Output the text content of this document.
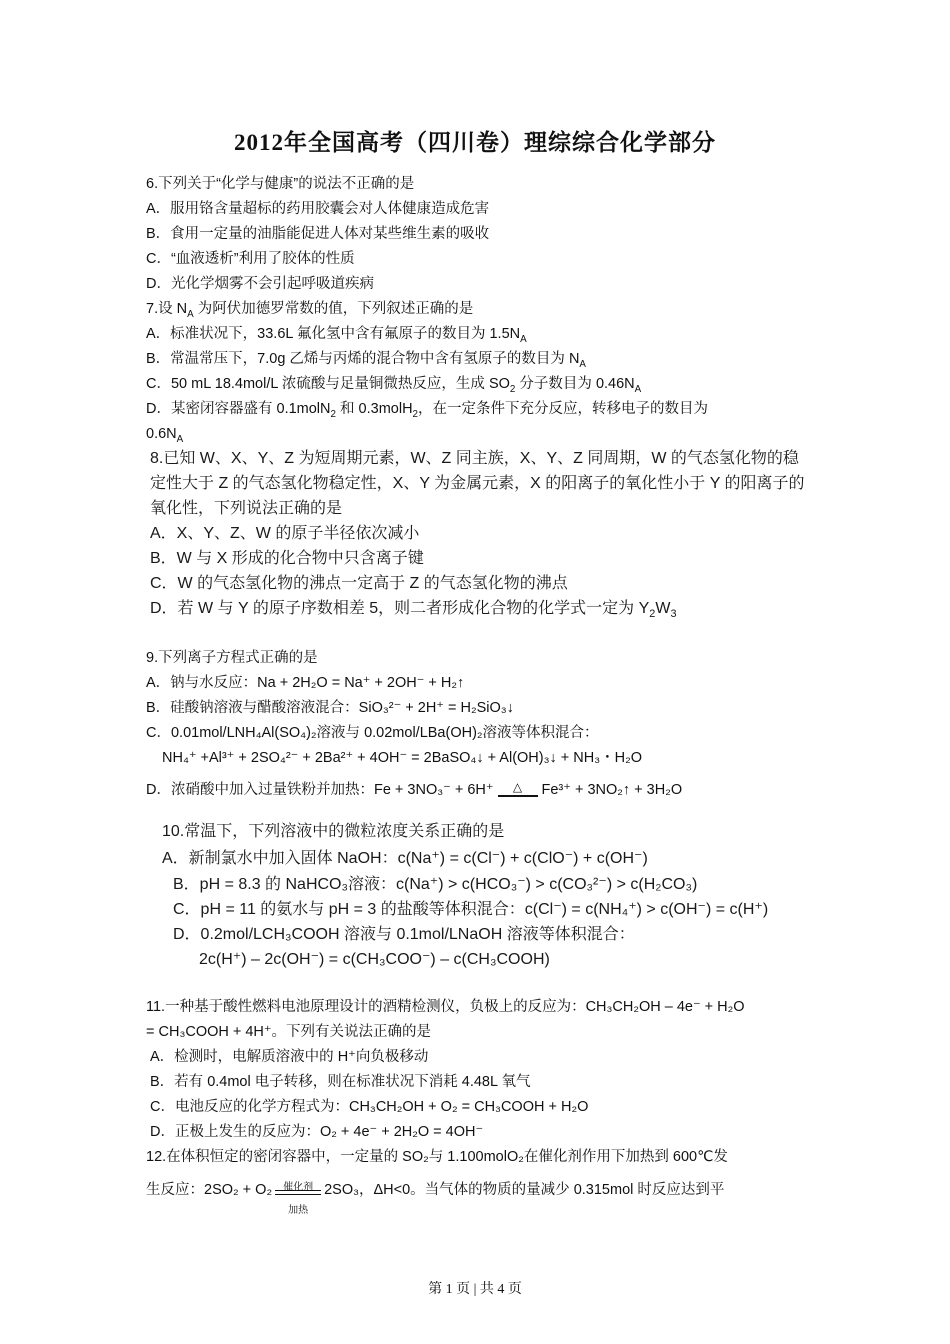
2012年全国高考（四川卷）理综综合化学部分
6.下列关于“化学与健康”的说法不正确的是
A．服用铬含量超标的药用胶囊会对人体健康造成危害
B．食用一定量的油脂能促进人体对某些维生素的吸收
C．“血液透析”利用了胶体的性质
D．光化学烟雾不会引起呼吸道疾病
7.设 $N_A$ 为阿伏加德罗常数的值，下列叙述正确的是
A．标准状况下，33.6L 氟化氢中含有氟原子的数目为 $1.5N_A$
B．常温常压下，7.0g 乙烯与丙烯的混合物中含有氢原子的数目为 $N_A$
C．50 mL 18.4mol/L 浓硫酸与足量铜微热反应，生成 $SO_2$ 分子数目为 $0.46N_A$
D．某密闭容器盛有 0.1molN$_2$ 和 0.3molH$_2$，在一定条件下充分反应，转移电子的数目为
$0.6N_A$
8.已知 W、X、Y、Z 为短周期元素，W、Z 同主族，X、Y、Z 同周期，W 的气态氢化物的稳
定性大于 Z 的气态氢化物稳定性，X、Y 为金属元素，X 的阳离子的氧化性小于 Y 的阳离子的
氧化性，下列说法正确的是
A．X、Y、Z、W 的原子半径依次减小
B．W 与 X 形成的化合物中只含离子键
C．W 的气态氢化物的沸点一定高于 Z 的气态氢化物的沸点
D．若 W 与 Y 的原子序数相差 5，则二者形成化合物的化学式一定为 $Y_2W_3$
9.下列离子方程式正确的是
A．钠与水反应：Na + 2H₂O = Na⁺ + 2OH⁻ + H₂↑
B．硅酸钠溶液与醋酸溶液混合：SiO₃²⁻ + 2H⁺ = H₂SiO₃↓
C．0.01mol/LNH₄Al(SO₄)₂溶液与 0.02mol/LBa(OH)₂溶液等体积混合：
NH₄⁺ +Al³⁺ + 2SO₄²⁻ + 2Ba²⁺ + 4OH⁻ = 2BaSO₄↓ + Al(OH)₃↓ + NH₃・H₂O
D．浓硝酸中加入过量铁粉并加热：Fe + 3NO₃⁻ + 6H⁺	△	Fe³⁺ + 3NO₂↑ + 3H₂O
10.常温下，下列溶液中的微粒浓度关系正确的是
A．新制氯水中加入固体 NaOH：c(Na⁺) = c(Cl⁻) + c(ClO⁻) + c(OH⁻)
B．pH = 8.3 的 NaHCO₃溶液：c(Na⁺) > c(HCO₃⁻) > c(CO₃²⁻) > c(H₂CO₃)
C．pH = 11 的氨水与 pH = 3 的盐酸等体积混合：c(Cl⁻) = c(NH₄⁺) > c(OH⁻) = c(H⁺)
D．0.2mol/LCH₃COOH 溶液与 0.1mol/LNaOH 溶液等体积混合：
2c(H⁺) – 2c(OH⁻) = c(CH₃COO⁻) – c(CH₃COOH)
11.一种基于酸性燃料电池原理设计的酒精检测仪，负极上的反应为：CH₃CH₂OH – 4e⁻ + H₂O
= CH₃COOH + 4H⁺。下列有关说法正确的是
A．检测时，电解质溶液中的 H⁺向负极移动
B．若有 0.4mol 电子转移，则在标准状况下消耗 4.48L 氧气
C．电池反应的化学方程式为：CH₃CH₂OH + O₂ = CH₃COOH + H₂O
D．正极上发生的反应为：O₂ + 4e⁻ + 2H₂O = 4OH⁻
12.在体积恒定的密闭容器中，一定量的 SO₂与 1.100molO₂在催化剂作用下加热到 600℃发
生反应：2SO₂ + O₂	催化剂
加热
2SO₃，ΔH<0。当气体的物质的量减少 0.315mol 时反应达到平
第 1 页 | 共 4 页
